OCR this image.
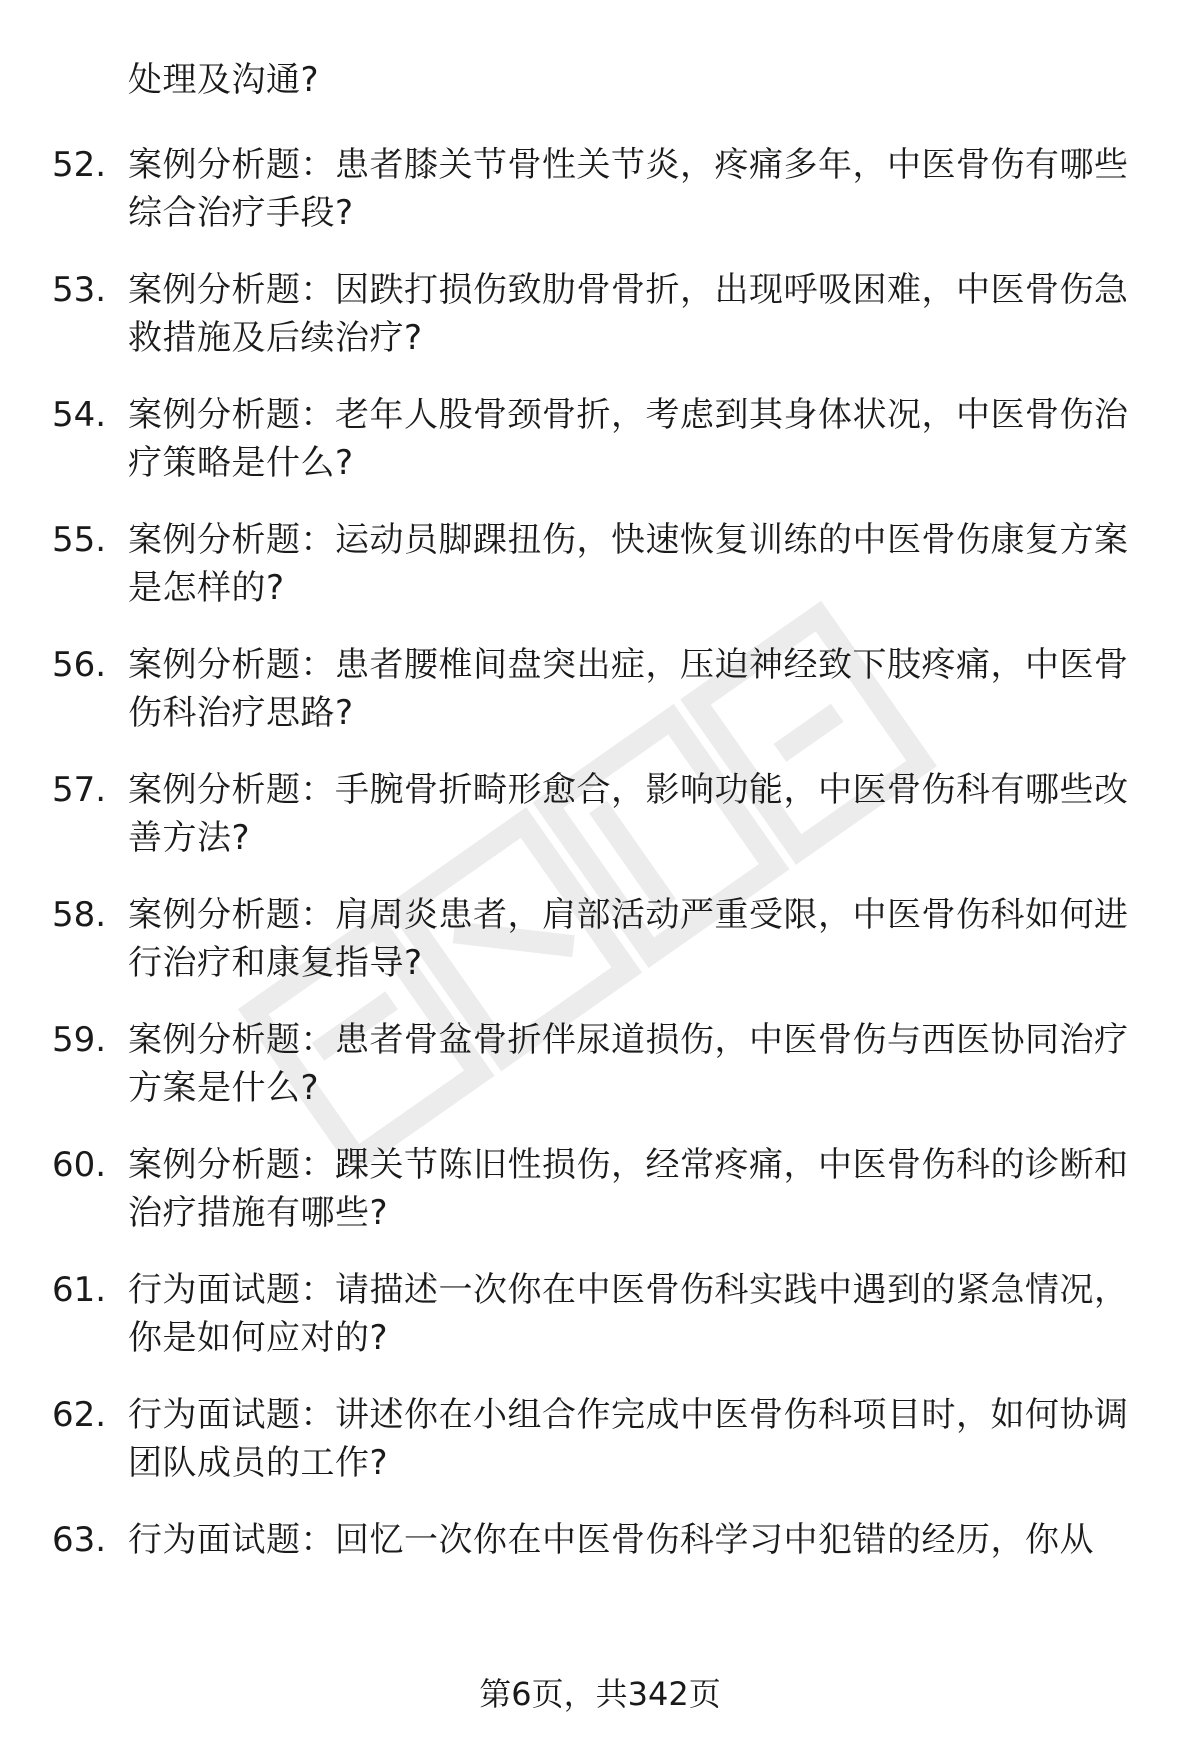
处理及沟通?
52. 案例分析题：患者膝关节骨性关节炎，疼痛多年，中医骨伤有哪些综合治疗手段?
53. 案例分析题：因跌打损伤致肋骨骨折，出现呼吸困难，中医骨伤急救措施及后续治疗?
54. 案例分析题：老年人股骨颈骨折，考虑到其身体状况，中医骨伤治疗策略是什么?
55. 案例分析题：运动员脚踝扭伤，快速恢复训练的中医骨伤康复方案是怎样的?
56. 案例分析题：患者腰椎间盘突出症，压迫神经致下肢疼痛，中医骨伤科治疗思路?
57. 案例分析题：手腕骨折畸形愈合，影响功能，中医骨伤科有哪些改善方法?
58. 案例分析题：肩周炎患者，肩部活动严重受限，中医骨伤科如何进行治疗和康复指导?
59. 案例分析题：患者骨盆骨折伴尿道损伤，中医骨伤与西医协同治疗方案是什么?
60. 案例分析题：踝关节陈旧性损伤，经常疼痛，中医骨伤科的诊断和治疗措施有哪些?
61. 行为面试题：请描述一次你在中医骨伤科实践中遇到的紧急情况，你是如何应对的?
62. 行为面试题：讲述你在小组合作完成中医骨伤科项目时，如何协调团队成员的工作?
63. 行为面试题：回忆一次你在中医骨伤科学习中犯错的经历，你从
第6页，共342页
